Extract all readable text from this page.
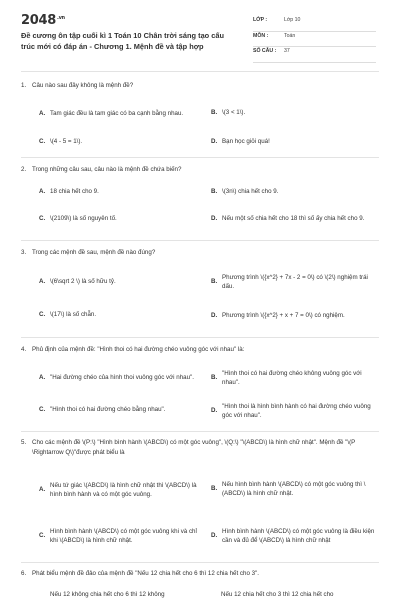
$2048^{.vn}$
Đề cương ôn tập cuối kì 1 Toán 10 Chân trời sáng tạo cấu trúc mới có đáp án - Chương 1. Mệnh đề và tập hợp
LỚP :	Lớp 10
MÔN :	Toán
SỐ CÂU : 37
1. Câu nào sau đây không là mệnh đề?
A. Tam giác đều là tam giác có ba cạnh bằng nhau.	B. \(3 < 1\).
C. \(4 - 5 = 1\).	D. Bạn học giỏi quá!
2. Trong những câu sau, câu nào là mệnh đề chứa biến?
A. 18 chia hết cho 9.	B. \(3n\) chia hết cho 9.
C. \(2109\) là số nguyên tố.	D. Nếu một số chia hết cho 18 thì số ấy chia hết cho 9.
3. Trong các mệnh đề sau, mệnh đề nào đúng?
A. \(6\sqrt 2 \) là số hữu tỷ.	B.
Phương trình \({x^2} + 7x - 2 = 0\) có \(2\) nghiệm trái dấu.
C. \(17\) là số chẵn.	D. Phương trình \({x^2} + x + 7 = 0\) có nghiệm.
4. Phủ định của mệnh đề: "Hình thoi có hai đường chéo vuông góc với nhau" là:
A. "Hai đường chéo của hình thoi vuông góc với nhau".	B.
"Hình thoi có hai đường chéo không vuông góc với nhau".
C. "Hình thoi có hai đường chéo bằng nhau".	D.
"Hình thoi là hình bình hành có hai đường chéo vuông góc với nhau".
5. Cho các mệnh đề \(P:\) "Hình bình hành \(ABCD\) có một góc vuông", \(Q:\) "\(ABCD\) là hình chữ nhật". Mệnh đề "\(P \Rightarrow Q\)"được phát biểu là
A.
Nếu tứ giác \(ABCD\) là hình chữ nhật thì \(ABCD\) là hình bình hành và có một góc vuông.
B.
Nếu hình bình hành \(ABCD\) có một góc vuông thì \(ABCD\) là hình chữ nhật.
C.
Hình bình hành \(ABCD\) có một góc vuông khi và chỉ khi \(ABCD\) là hình chữ nhật.
D.
Hình bình hành \(ABCD\) có một góc vuông là điều kiện cần và đủ để \(ABCD\) là hình chữ nhật
6. Phát biểu mệnh đề đảo của mệnh đề "Nếu 12 chia hết cho 6 thì 12 chia hết cho 3".
Nếu 12 không chia hết cho 6 thì 12 không	Nếu 12 chia hết cho 3 thì 12 chia hết cho
